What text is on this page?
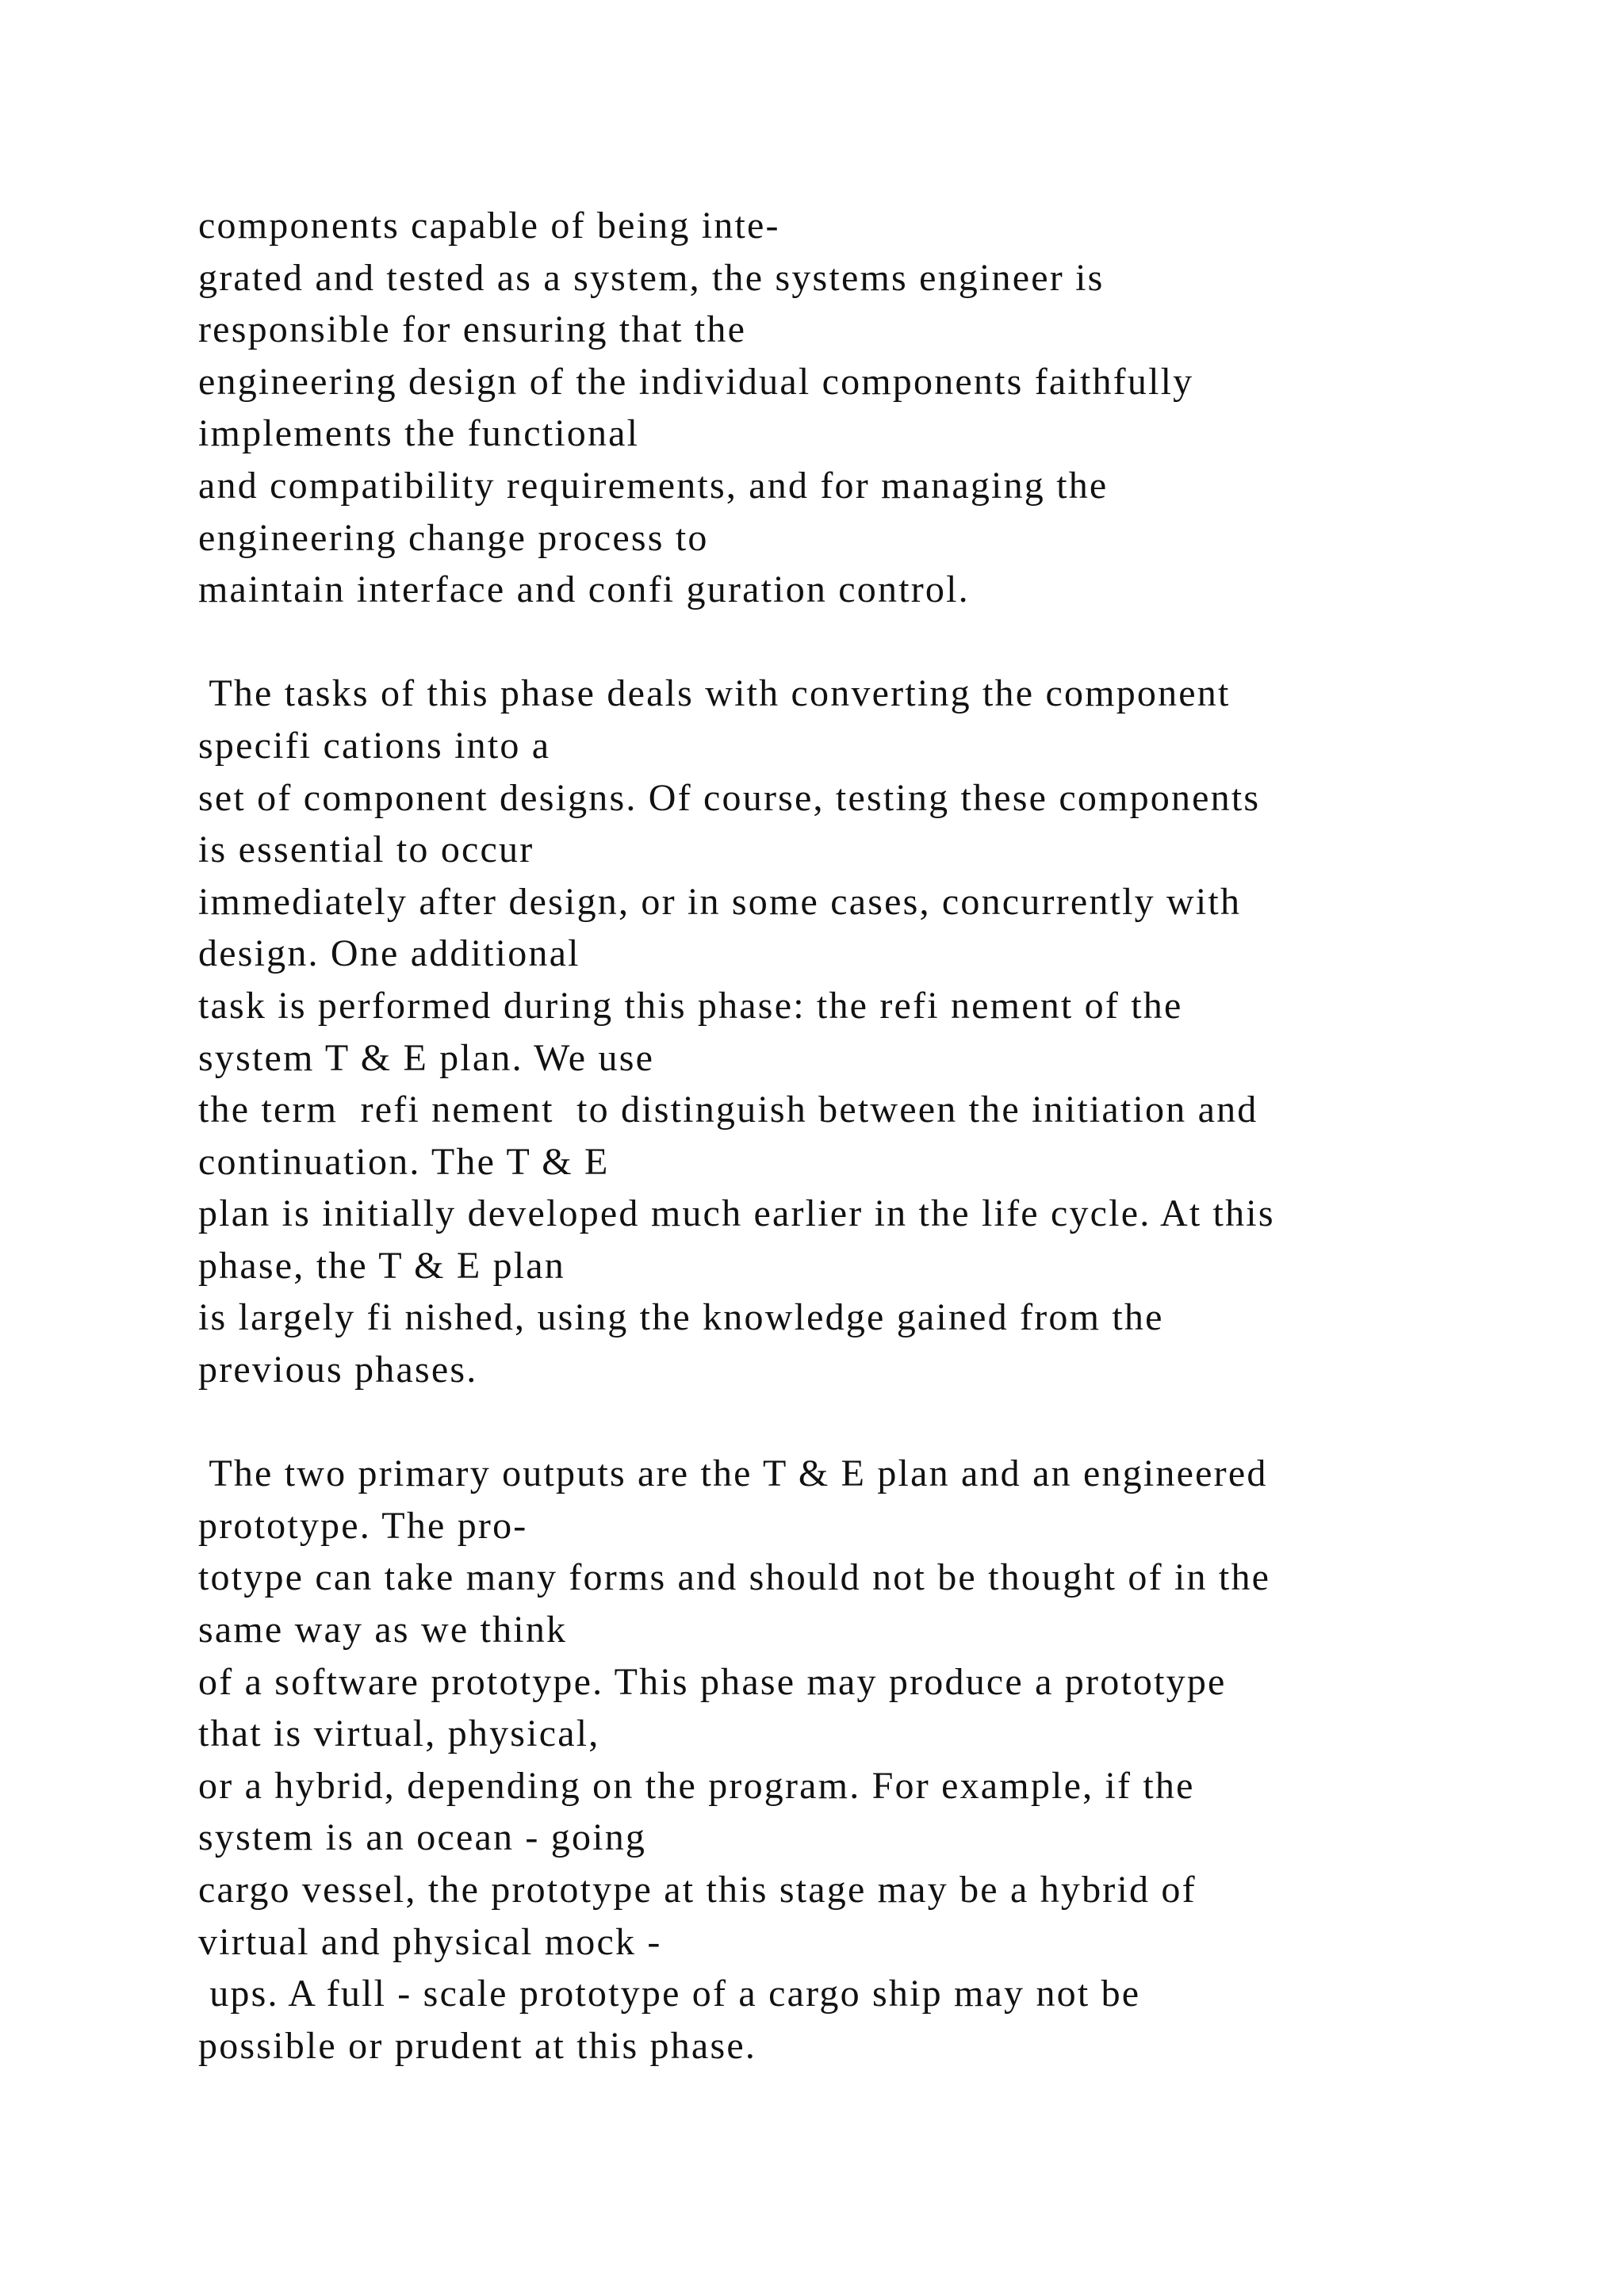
components capable of being inte-
grated and tested as a system, the systems engineer is
responsible for ensuring that the
engineering design of the individual components faithfully
implements the functional
and compatibility requirements, and for managing the
engineering change process to
maintain interface and confi guration control.
The tasks of this phase deals with converting the component
specifi cations into a
set of component designs. Of course, testing these components
is essential to occur
immediately after design, or in some cases, concurrently with
design. One additional
task is performed during this phase: the refi nement of the
system T & E plan. We use
the term  refi nement  to distinguish between the initiation and
continuation. The T & E
plan is initially developed much earlier in the life cycle. At this
phase, the T & E plan
is largely fi nished, using the knowledge gained from the
previous phases.
The two primary outputs are the T & E plan and an engineered
prototype. The pro-
totype can take many forms and should not be thought of in the
same way as we think
of a software prototype. This phase may produce a prototype
that is virtual, physical,
or a hybrid, depending on the program. For example, if the
system is an ocean - going
cargo vessel, the prototype at this stage may be a hybrid of
virtual and physical mock -
ups. A full - scale prototype of a cargo ship may not be
possible or prudent at this phase.
